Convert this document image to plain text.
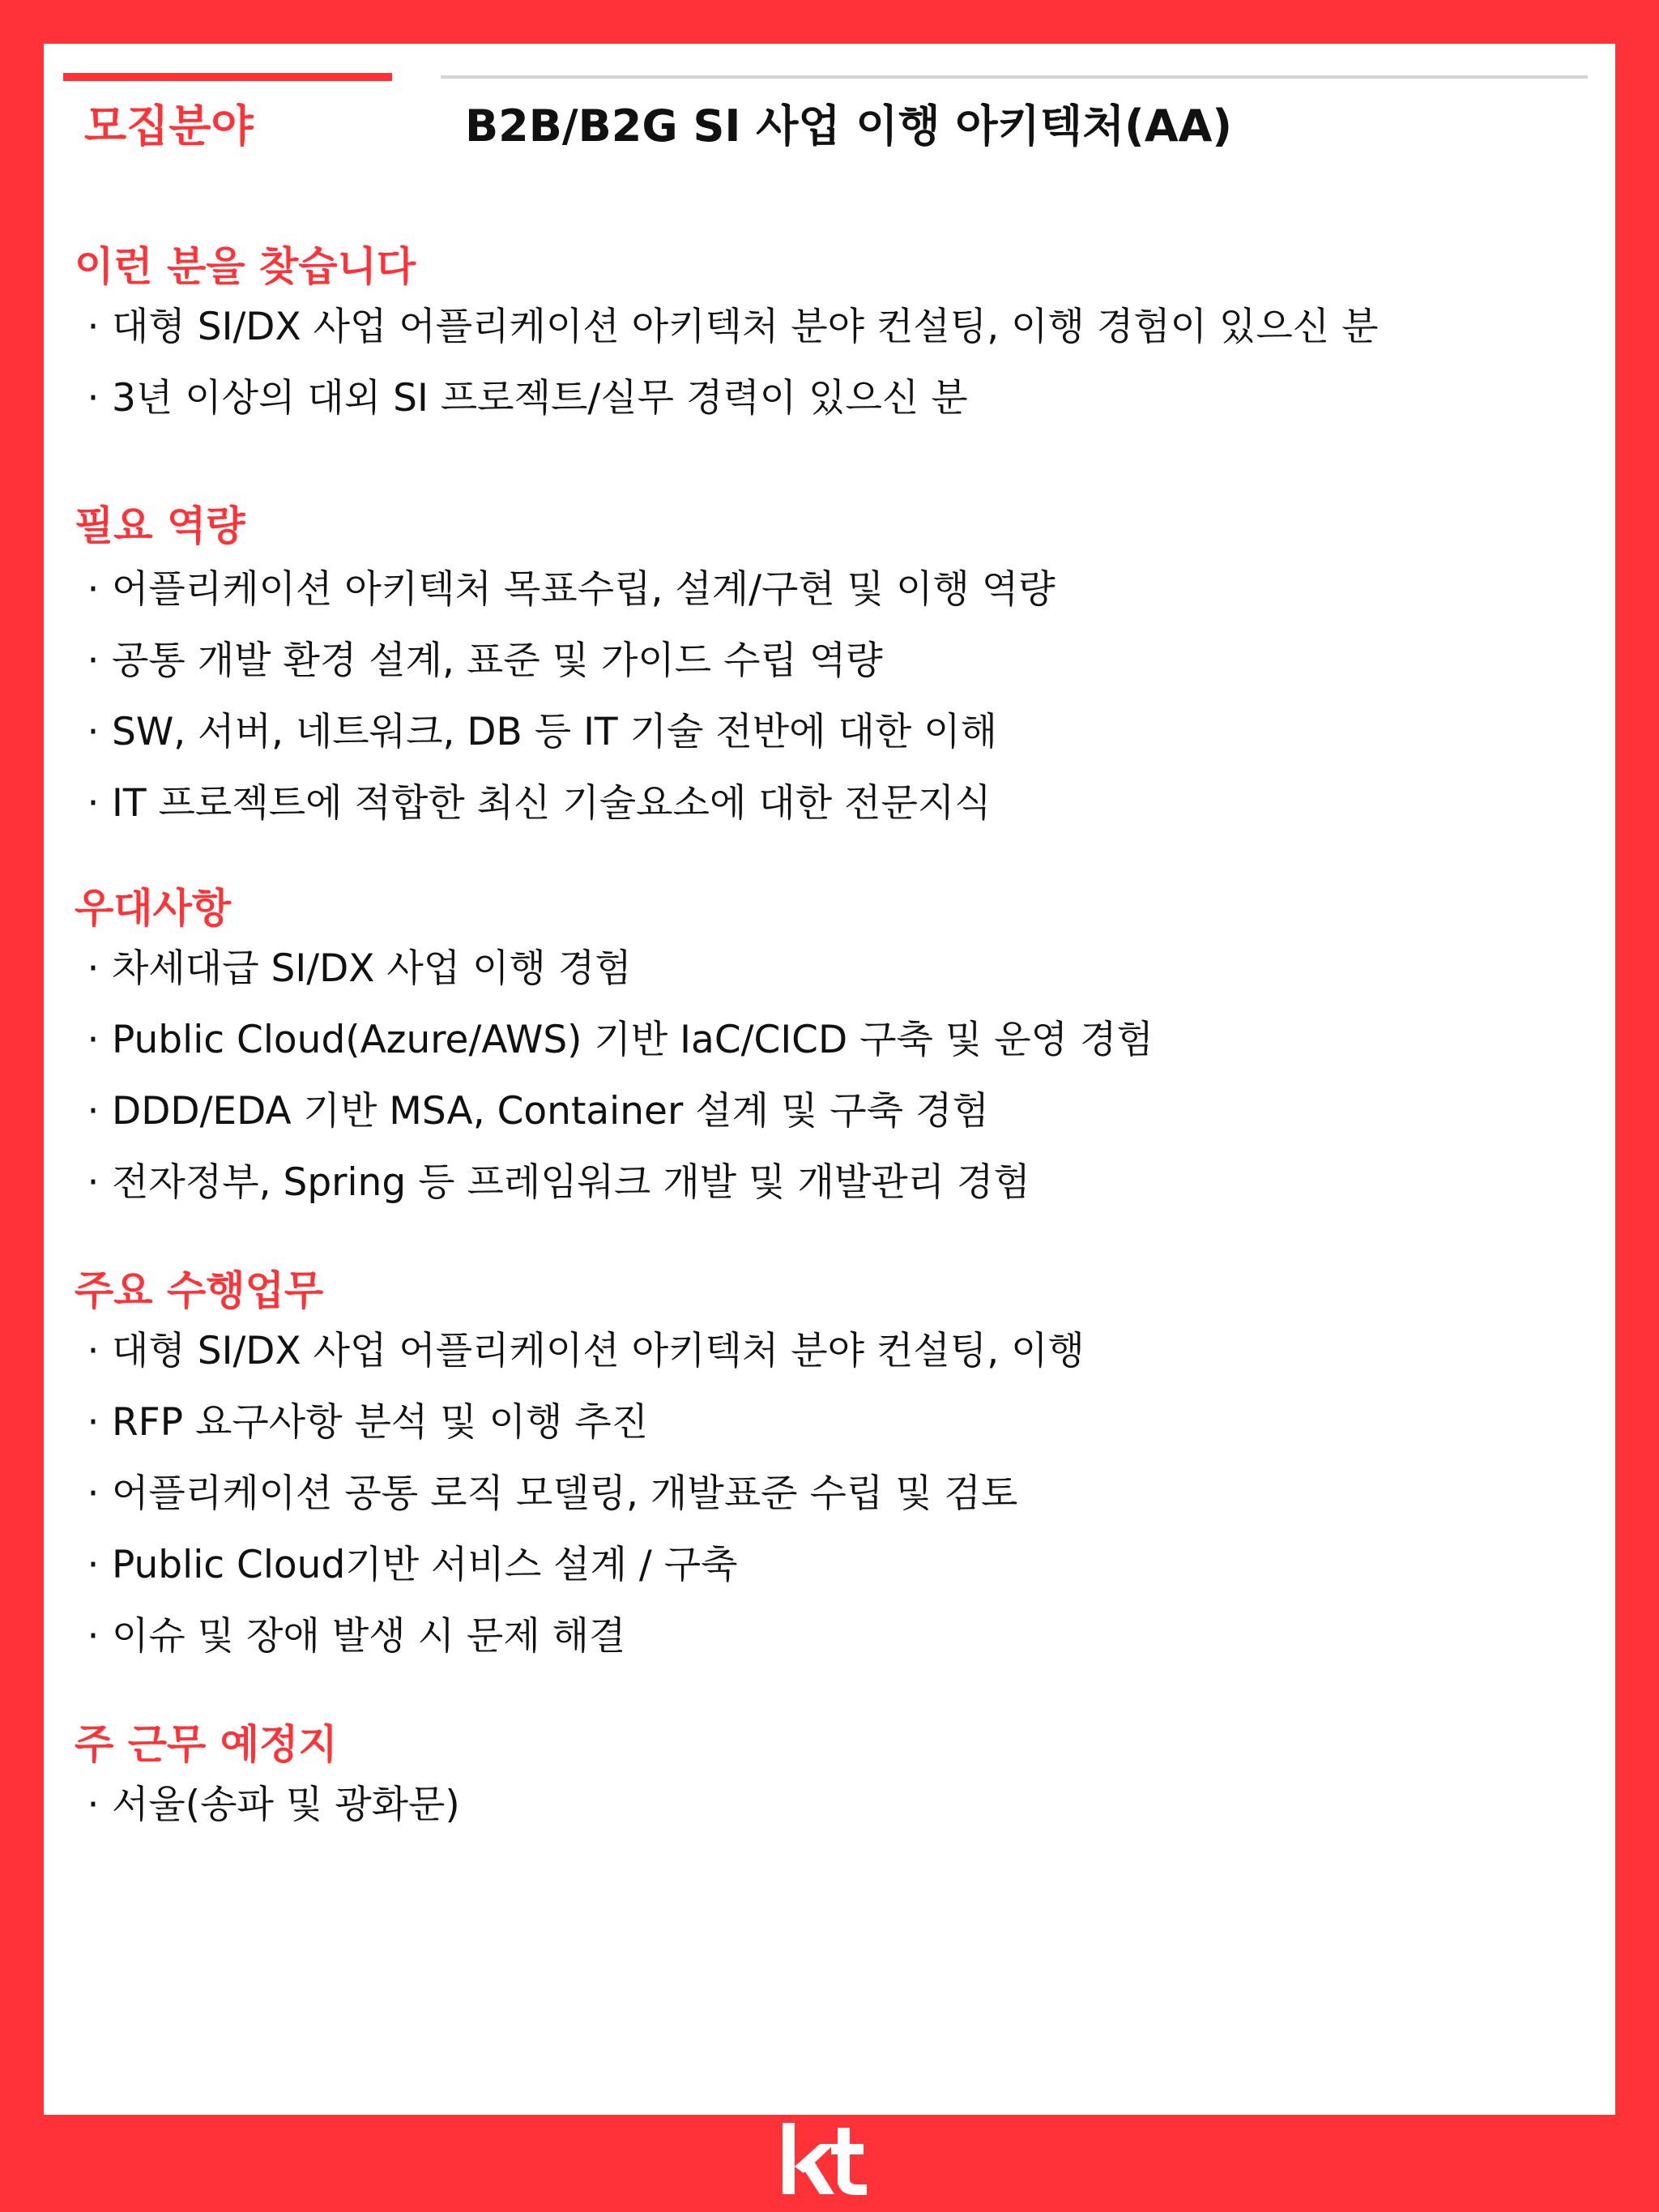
모집분야	B2B/B2G SI 사업 이행 아키텍처(AA)
이런 분을 찾습니다
· 대형 SI/DX 사업 어플리케이션 아키텍처 분야 컨설팅, 이행 경험이 있으신 분
· 3년 이상의 대외 SI 프로젝트/실무 경력이 있으신 분
필요 역량
· 어플리케이션 아키텍처 목표수립, 설계/구현 및 이행 역량
· 공통 개발 환경 설계, 표준 및 가이드 수립 역량
· SW, 서버, 네트워크, DB 등 IT 기술 전반에 대한 이해
· IT 프로젝트에 적합한 최신 기술요소에 대한 전문지식
우대사항
· 차세대급 SI/DX 사업 이행 경험
· Public Cloud(Azure/AWS) 기반 IaC/CICD 구축 및 운영 경험
· DDD/EDA 기반 MSA, Container 설계 및 구축 경험
· 전자정부, Spring 등 프레임워크 개발 및 개발관리 경험
주요 수행업무
· 대형 SI/DX 사업 어플리케이션 아키텍처 분야 컨설팅, 이행
· RFP 요구사항 분석 및 이행 추진
· 어플리케이션 공통 로직 모델링, 개발표준 수립 및 검토
· Public Cloud기반 서비스 설계 / 구축
· 이슈 및 장애 발생 시 문제 해결
주 근무 예정지
· 서울(송파 및 광화문)
